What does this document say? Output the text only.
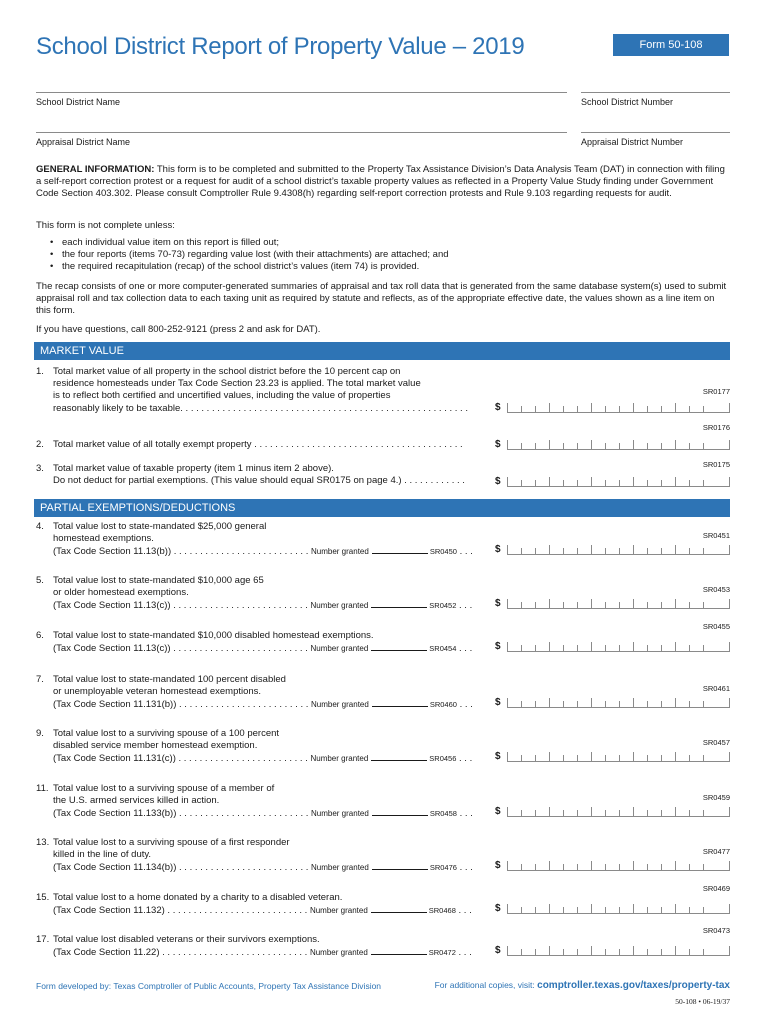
School District Report of Property Value – 2019	Form 50-108
School District Name	School District Number
Appraisal District Name	Appraisal District Number
GENERAL INFORMATION: This form is to be completed and submitted to the Property Tax Assistance Division’s Data Analysis Team (DAT) in connection with filing a self-report correction protest or a request for audit of a school district’s taxable property values as reflected in a Property Value Study finding under Government Code Section 403.302. Please consult Comptroller Rule 9.4308(h) regarding self-report correction protests and Rule 9.103 regarding requests for audit.
This form is not complete unless:
• each individual value item on this report is filled out;
• the four reports (items 70-73) regarding value lost (with their attachments) are attached; and
• the required recapitulation (recap) of the school district’s values (item 74) is provided.
The recap consists of one or more computer-generated summaries of appraisal and tax roll data that is generated from the same database system(s) used to submit appraisal roll and tax collection data to each taxing unit as required by statute and reflects, as of the appropriate effective date, the values shown as a line item on this form.
If you have questions, call 800-252-9121 (press 2 and ask for DAT).
MARKET VALUE
1. Total market value of all property in the school district before the 10 percent cap on
residence homesteads under Tax Code Section 23.23 is applied. The total market value
is to reflect both certified and uncertified values, including the value of properties
reasonably likely to be taxable. . . . . . . . . . . . . . . . . . . . . . . . . . . . . . . . . . . . . . . . . . . . . . . . . . . . . . .
SR0177
$
SR0176
2. Total market value of all totally exempt property . . . . . . . . . . . . . . . . . . . . . . . . . . . . . . . . . . . . . . . .	$
3. Total market value of taxable property (item 1 minus item 2 above).
Do not deduct for partial exemptions. (This value should equal SR0175 on page 4.) . . . . . . . . . . . .
SR0175
$
PARTIAL EXEMPTIONS/DEDUCTIONS
4. Total value lost to state-mandated $25,000 general
homestead exemptions.
(Tax Code Section 11.13(b)) . . . . . . . . . . . . . . . . . . . . . . . . . . Number granted	SR0450 . . .
SR0451
$
5. Total value lost to state-mandated $10,000 age 65
or older homestead exemptions.
(Tax Code Section 11.13(c)) . . . . . . . . . . . . . . . . . . . . . . . . . . Number granted	SR0452 . . .
SR0453
$
6. Total value lost to state-mandated $10,000 disabled homestead exemptions.
(Tax Code Section 11.13(c)) . . . . . . . . . . . . . . . . . . . . . . . . . . Number granted	SR0454 . . .
SR0455
$
7. Total value lost to state-mandated 100 percent disabled
or unemployable veteran homestead exemptions.
(Tax Code Section 11.131(b)) . . . . . . . . . . . . . . . . . . . . . . . . . Number granted	SR0460 . . .
SR0461
$
9. Total value lost to a surviving spouse of a 100 percent
disabled service member homestead exemption.
(Tax Code Section 11.131(c)) . . . . . . . . . . . . . . . . . . . . . . . . . Number granted	SR0456 . . .
SR0457
$
11. Total value lost to a surviving spouse of a member of
the U.S. armed services killed in action.
(Tax Code Section 11.133(b)) . . . . . . . . . . . . . . . . . . . . . . . . . Number granted	SR0458 . . .
SR0459
$
13. Total value lost to a surviving spouse of a first responder
killed in the line of duty.
(Tax Code Section 11.134(b)) . . . . . . . . . . . . . . . . . . . . . . . . . Number granted	SR0476 . . .
SR0477
$
15. Total value lost to a home donated by a charity to a disabled veteran.
(Tax Code Section 11.132) . . . . . . . . . . . . . . . . . . . . . . . . . . . Number granted	SR0468 . . .
SR0469
$
17. Total value lost disabled veterans or their survivors exemptions.
(Tax Code Section 11.22) . . . . . . . . . . . . . . . . . . . . . . . . . . . . Number granted	SR0472 . . .
SR0473
$
Form developed by: Texas Comptroller of Public Accounts, Property Tax Assistance Division	For additional copies, visit: comptroller.texas.gov/taxes/property-tax
50-108 • 06-19/37
